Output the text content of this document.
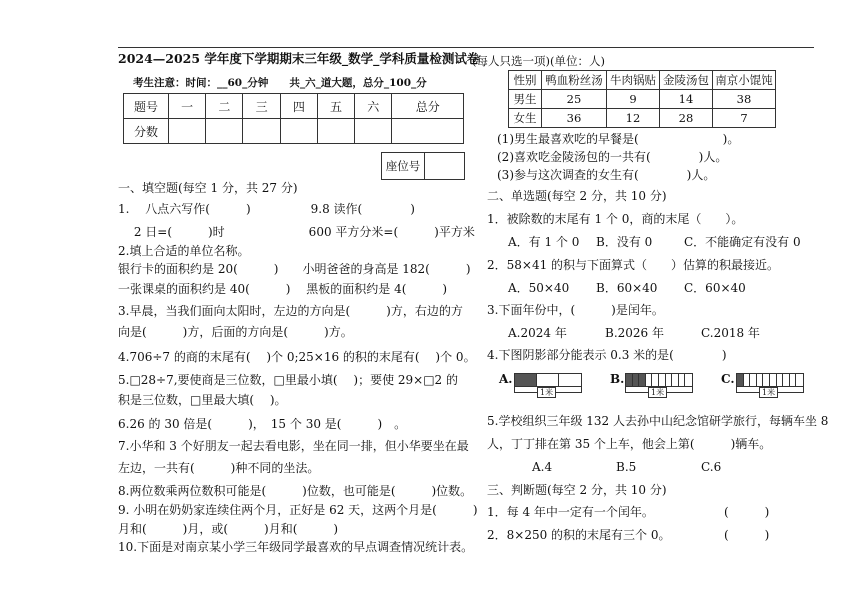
2024—2025 学年度下学期期末三年级_数学_学科质量检测试卷
考生注意：时间：__60_分钟　　共_六_道大题，总分_100_分
题号	一	二	三	四	五	六	总分
分数							
座位号
一、填空题(每空 1 分，共 27 分)
1.　 八点六写作(　　　)　　　　　9.8 读作(　　　　)
　 2 日=(　　　)时　　　　　　　600 平方分米=(　　　)平方米
2.填上合适的单位名称。
银行卡的面积约是 20(　　　)　　小明爸爸的身高是 182(　　　)
一张课桌的面积约是 40(　　　)　 黑板的面积约是 4(　　　)
3.早晨，当我们面向太阳时，左边的方向是(　　　)方，右边的方
向是(　　　)方，后面的方向是(　　　)方。
4.706÷7 的商的末尾有(　 )个 0;25×16 的积的末尾有(　 )个 0。
5.□28÷7,要使商是三位数，□里最小填(　 )；要使 29×□2 的
积是三位数，□里最大填(　 )。
6.26 的 30 倍是(　　　)，　15 个 30 是(　　　)　。
7.小华和 3 个好朋友一起去看电影，坐在同一排，但小华要坐在最
左边，一共有(　　　)种不同的坐法。
8.两位数乘两位数积可能是(　　　)位数，也可能是(　　　)位数。
9. 小明在奶奶家连续住两个月，正好是 62 天，这两个月是(　　　)
月和(　　　)月，或(　　　)月和(　　　)
10.下面是对南京某小学三年级同学最喜欢的早点调查情况统计表。
(每人只选一项)(单位：人)
性别	鸭血粉丝汤	牛肉锅贴	金陵汤包	南京小馄饨
男生	25	9	14	38
女生	36	12	28	7
(1)男生最喜欢吃的早餐是(　　　　　　　)。
(2)喜欢吃金陵汤包的一共有(　　　　)人。
(3)参与这次调查的女生有(　　　　)人。
二、单选题(每空 2 分，共 10 分)
1．被除数的末尾有 1 个 0，商的末尾（　　）。
A．有 1 个 0 B．没有 0	C．不能确定有没有 0
2．58×41 的积与下面算式（　　）估算的积最接近。
A．50×40 B．60×40 C．60×40
3.下面年份中，(　　　)是闰年。
A.2024 年	B.2026 年	C.2018 年
4.下图阴影部分能表示 0.3 米的是(　　　　)
A.
1米
B.
1米
C.
1米
5.学校组织三年级 132 人去孙中山纪念馆研学旅行，每辆车坐 8
人，丁丁排在第 35 个上车，他会上第(　　　)辆车。
A.4	B.5	C.6
三、判断题(每空 2 分，共 10 分)
1．每 4 年中一定有一个闰年。	(　　　)
2．8×250 的积的末尾有三个 0。	(　　　)
